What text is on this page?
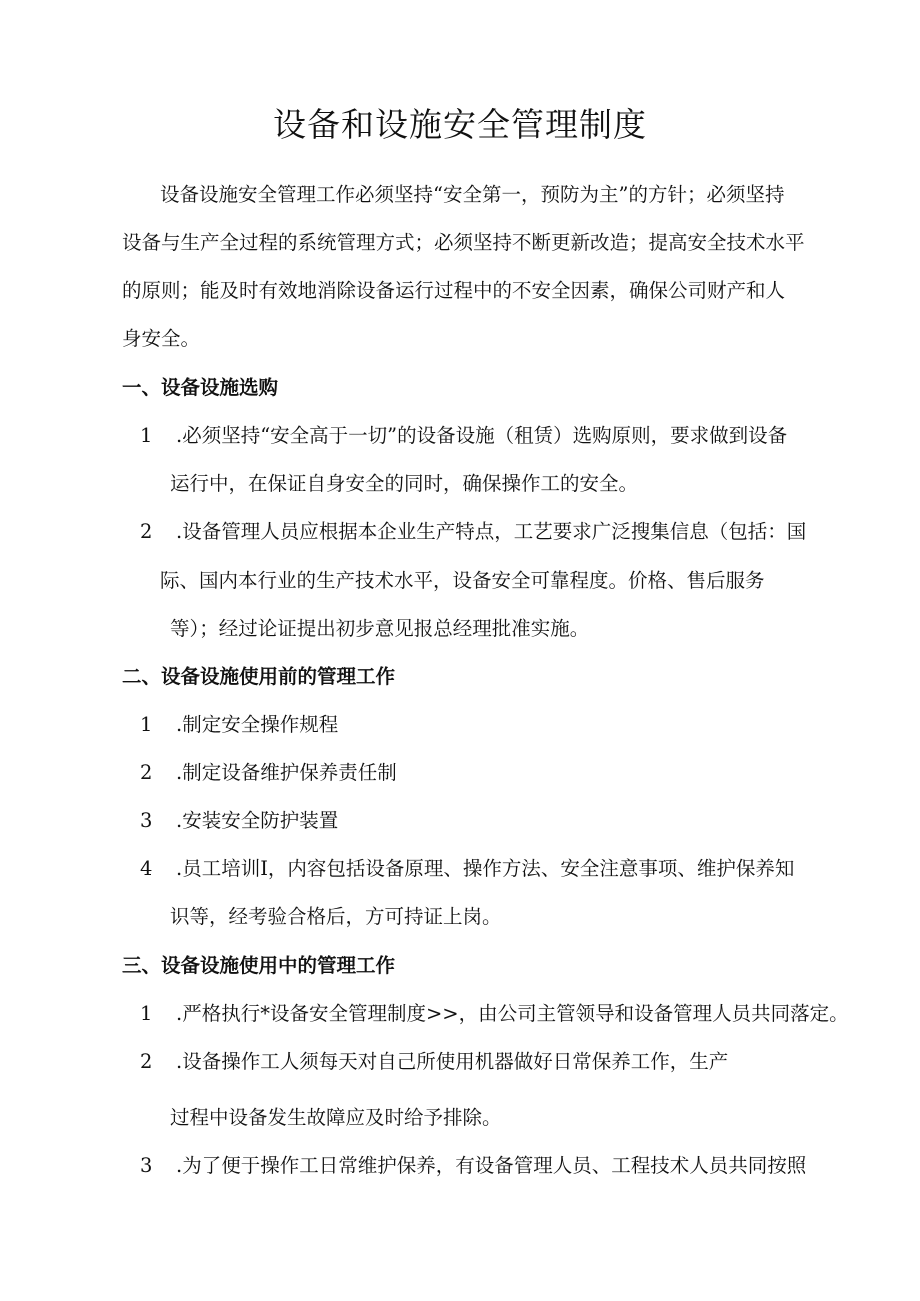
设备和设施安全管理制度
设备设施安全管理工作必须坚持“安全第一，预防为主”的方针；必须坚持
设备与生产全过程的系统管理方式；必须坚持不断更新改造；提高安全技术水平
的原则；能及时有效地消除设备运行过程中的不安全因素，确保公司财产和人
身安全。
一、设备设施选购
1 .必须坚持“安全高于一切”的设备设施（租赁）选购原则，要求做到设备
运行中，在保证自身安全的同时，确保操作工的安全。
2 .设备管理人员应根据本企业生产特点，工艺要求广泛搜集信息（包括：国
际、国内本行业的生产技术水平，设备安全可靠程度。价格、售后服务
等）；经过论证提出初步意见报总经理批准实施。
二、设备设施使用前的管理工作
1 .制定安全操作规程
2 .制定设备维护保养责任制
3 .安装安全防护装置
4 .员工培训I，内容包括设备原理、操作方法、安全注意事项、维护保养知
识等，经考验合格后，方可持证上岗。
三、设备设施使用中的管理工作
1 .严格执行*设备安全管理制度>>，由公司主管领导和设备管理人员共同落定。
2 .设备操作工人须每天对自己所使用机器做好日常保养工作，生产
过程中设备发生故障应及时给予排除。
3 .为了便于操作工日常维护保养，有设备管理人员、工程技术人员共同按照
